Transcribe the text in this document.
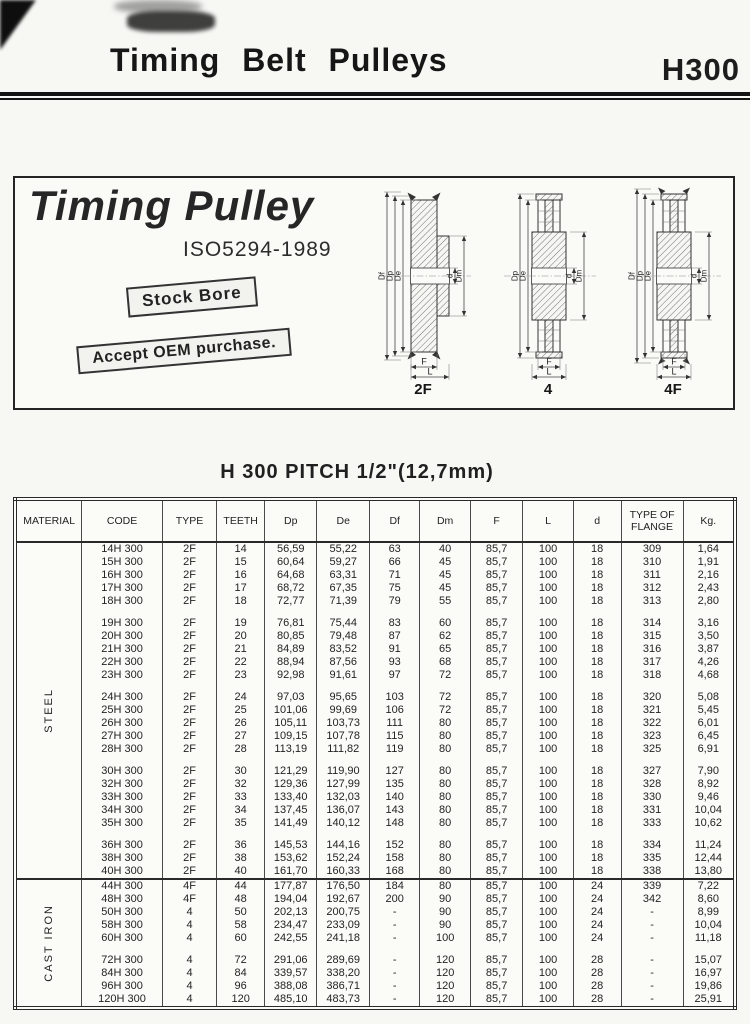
Timing Belt Pulleys	H300
Timing Pulley
ISO5294-1989
Stock Bore
Accept OEM purchase.
Df Dp De	d Dm
F
L
2F
Dp De	d Dm
F
L
4
Df Dp De	d Dm
F
L
4F
H 300 PITCH 1/2"(12,7mm)
MATERIAL	CODE	TYPE	TEETH	Dp	De	Df	Dm	F	L	d	TYPE OF FLANGE	Kg.

STEEL	14H 300	2F	14	56,59	55,22	63	40	85,7	100	18	309	1,64
	15H 300	2F	15	60,64	59,27	66	45	85,7	100	18	310	1,91
	16H 300	2F	16	64,68	63,31	71	45	85,7	100	18	311	2,16
	17H 300	2F	17	68,72	67,35	75	45	85,7	100	18	312	2,43
	18H 300	2F	18	72,77	71,39	79	55	85,7	100	18	313	2,80

	19H 300	2F	19	76,81	75,44	83	60	85,7	100	18	314	3,16
	20H 300	2F	20	80,85	79,48	87	62	85,7	100	18	315	3,50
	21H 300	2F	21	84,89	83,52	91	65	85,7	100	18	316	3,87
	22H 300	2F	22	88,94	87,56	93	68	85,7	100	18	317	4,26
	23H 300	2F	23	92,98	91,61	97	72	85,7	100	18	318	4,68

	24H 300	2F	24	97,03	95,65	103	72	85,7	100	18	320	5,08
	25H 300	2F	25	101,06	99,69	106	72	85,7	100	18	321	5,45
	26H 300	2F	26	105,11	103,73	111	80	85,7	100	18	322	6,01
	27H 300	2F	27	109,15	107,78	115	80	85,7	100	18	323	6,45
	28H 300	2F	28	113,19	111,82	119	80	85,7	100	18	325	6,91

	30H 300	2F	30	121,29	119,90	127	80	85,7	100	18	327	7,90
	32H 300	2F	32	129,36	127,99	135	80	85,7	100	18	328	8,92
	33H 300	2F	33	133,40	132,03	140	80	85,7	100	18	330	9,46
	34H 300	2F	34	137,45	136,07	143	80	85,7	100	18	331	10,04
	35H 300	2F	35	141,49	140,12	148	80	85,7	100	18	333	10,62

	36H 300	2F	36	145,53	144,16	152	80	85,7	100	18	334	11,24
	38H 300	2F	38	153,62	152,24	158	80	85,7	100	18	335	12,44
	40H 300	2F	40	161,70	160,33	168	80	85,7	100	18	338	13,80

CAST IRON	44H 300	4F	44	177,87	176,50	184	80	85,7	100	24	339	7,22
	48H 300	4F	48	194,04	192,67	200	90	85,7	100	24	342	8,60
	50H 300	4	50	202,13	200,75	-	90	85,7	100	24	-	8,99
	58H 300	4	58	234,47	233,09	-	90	85,7	100	24	-	10,04
	60H 300	4	60	242,55	241,18	-	100	85,7	100	24	-	11,18

	72H 300	4	72	291,06	289,69	-	120	85,7	100	28	-	15,07
	84H 300	4	84	339,57	338,20	-	120	85,7	100	28	-	16,97
	96H 300	4	96	388,08	386,71	-	120	85,7	100	28	-	19,86
	120H 300	4	120	485,10	483,73	-	120	85,7	100	28	-	25,91
